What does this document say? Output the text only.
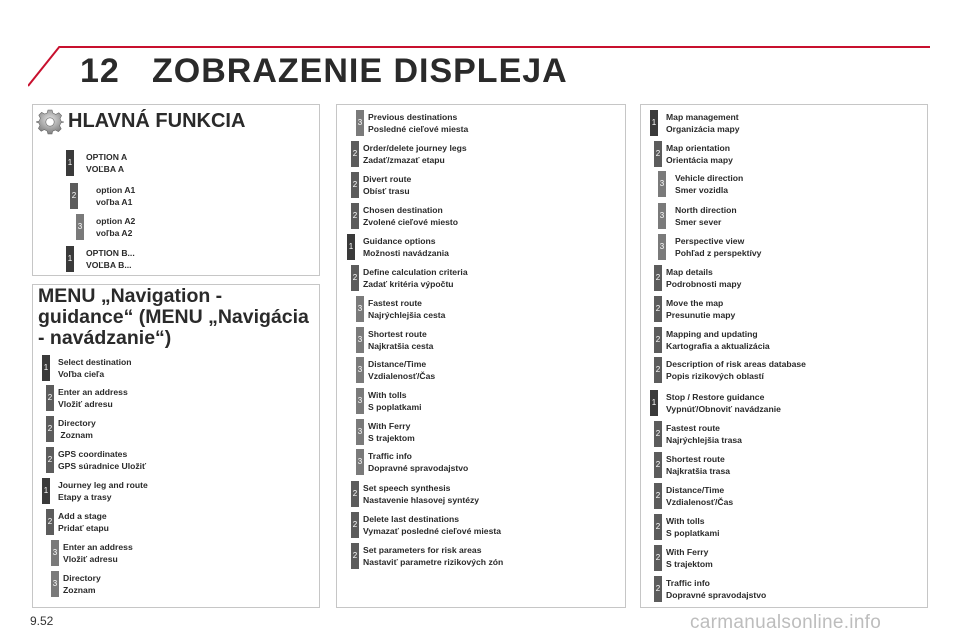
12 ZOBRAZENIE DISPLEJA
HLAVNÁ FUNKCIA
1
OPTION A
VOĽBA A
2
option A1
voľba A1
3
option A2
voľba A2
1
OPTION B...
VOĽBA B...
MENU „Navigation - guidance“ (MENU „Navigácia - navádzanie“)
1
Select destination
Voľba cieľa
2
Enter an address
Vložiť adresu
2
Directory
Zoznam
2
GPS coordinates
GPS súradnice Uložiť
1
Journey leg and route
Etapy a trasy
2
Add a stage
Pridať etapu
3
Enter an address
Vložiť adresu
3
Directory
Zoznam
3
Previous destinations
Posledné cieľové miesta
2
Order/delete journey legs
Zadať/zmazať etapu
2
Divert route
Obísť trasu
2
Chosen destination
Zvolené cieľové miesto
1
Guidance options
Možnosti navádzania
2
Define calculation criteria
Zadať kritéria výpočtu
3
Fastest route
Najrýchlejšia cesta
3
Shortest route
Najkratšia cesta
3
Distance/Time
Vzdialenosť/Čas
3
With tolls
S poplatkami
3
With Ferry
S trajektom
3
Traffic info
Dopravné spravodajstvo
2
Set speech synthesis
Nastavenie hlasovej syntézy
2
Delete last destinations
Vymazať posledné cieľové miesta
2
Set parameters for risk areas
Nastaviť parametre rizikových zón
1
Map management
Organizácia mapy
2
Map orientation
Orientácia mapy
3
Vehicle direction
Smer vozidla
3
North direction
Smer sever
3
Perspective view
Pohľad z perspektívy
2
Map details
Podrobnosti mapy
2
Move the map
Presunutie mapy
2
Mapping and updating
Kartografia a aktualizácia
2
Description of risk areas database
Popis rizikových oblastí
1
Stop / Restore guidance
Vypnúť/Obnoviť navádzanie
2
Fastest route
Najrýchlejšia trasa
2
Shortest route
Najkratšia trasa
2
Distance/Time
Vzdialenosť/Čas
2
With tolls
S poplatkami
2
With Ferry
S trajektom
2
Traffic info
Dopravné spravodajstvo
9.52	carmanualsonline.info
